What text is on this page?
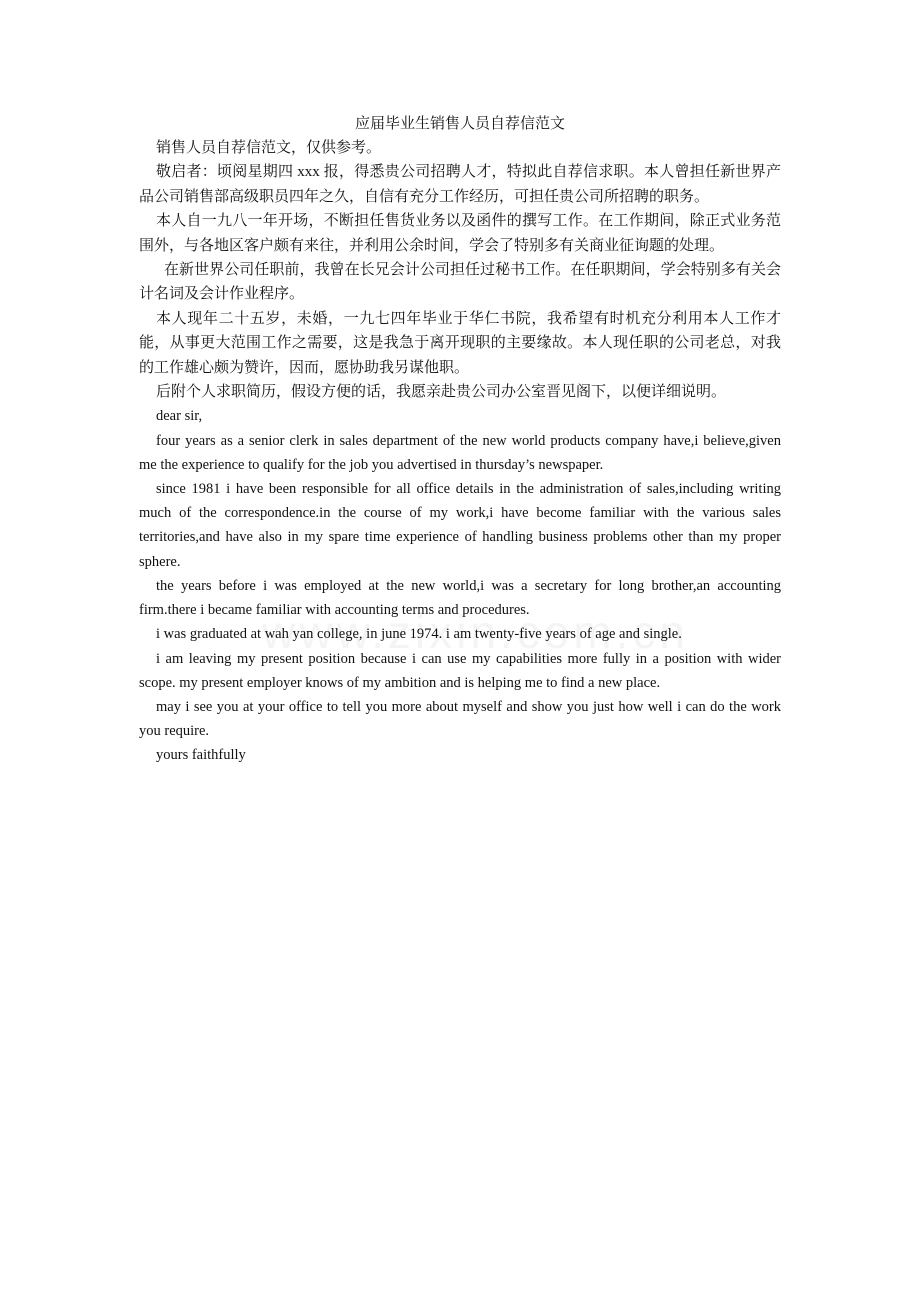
应届毕业生销售人员自荐信范文

销售人员自荐信范文，仅供参考。

敬启者：顷阅星期四 xxx 报，得悉贵公司招聘人才，特拟此自荐信求职。本人曾担任新世界产品公司销售部高级职员四年之久，自信有充分工作经历，可担任贵公司所招聘的职务。

本人自一九八一年开场，不断担任售货业务以及函件的撰写工作。在工作期间，除正式业务范围外，与各地区客户颇有来往，并利用公余时间，学会了特别多有关商业征询题的处理。

在新世界公司任职前，我曾在长兄会计公司担任过秘书工作。在任职期间，学会特别多有关会计名词及会计作业程序。

本人现年二十五岁，未婚，一九七四年毕业于华仁书院，我希望有时机充分利用本人工作才能，从事更大范围工作之需要，这是我急于离开现职的主要缘故。本人现任职的公司老总，对我的工作雄心颇为赞许，因而，愿协助我另谋他职。

后附个人求职简历，假设方便的话，我愿亲赴贵公司办公室晋见阁下，以便详细说明。

dear sir,

four years as a senior clerk in sales department of the new world products company have,i believe,given me the experience to qualify for the job you advertised in thursday’s newspaper.

since 1981 i have been responsible for all office details in the administration of sales,including writing much of the correspondence.in the course of my work,i have become familiar with the various sales territories,and have also in my spare time experience of handling business problems other than my proper sphere.

the years before i was employed at the new world,i was a secretary for long brother,an accounting firm.there i became familiar with accounting terms and procedures.

i was graduated at wah yan college, in june 1974. i am twenty-five years of age and single.

i am leaving my present position because i can use my capabilities more fully in a position with wider scope. my present employer knows of my ambition and is helping me to find a new place.

may i see you at your office to tell you more about myself and show you just how well i can do the work you require.

yours faithfully
